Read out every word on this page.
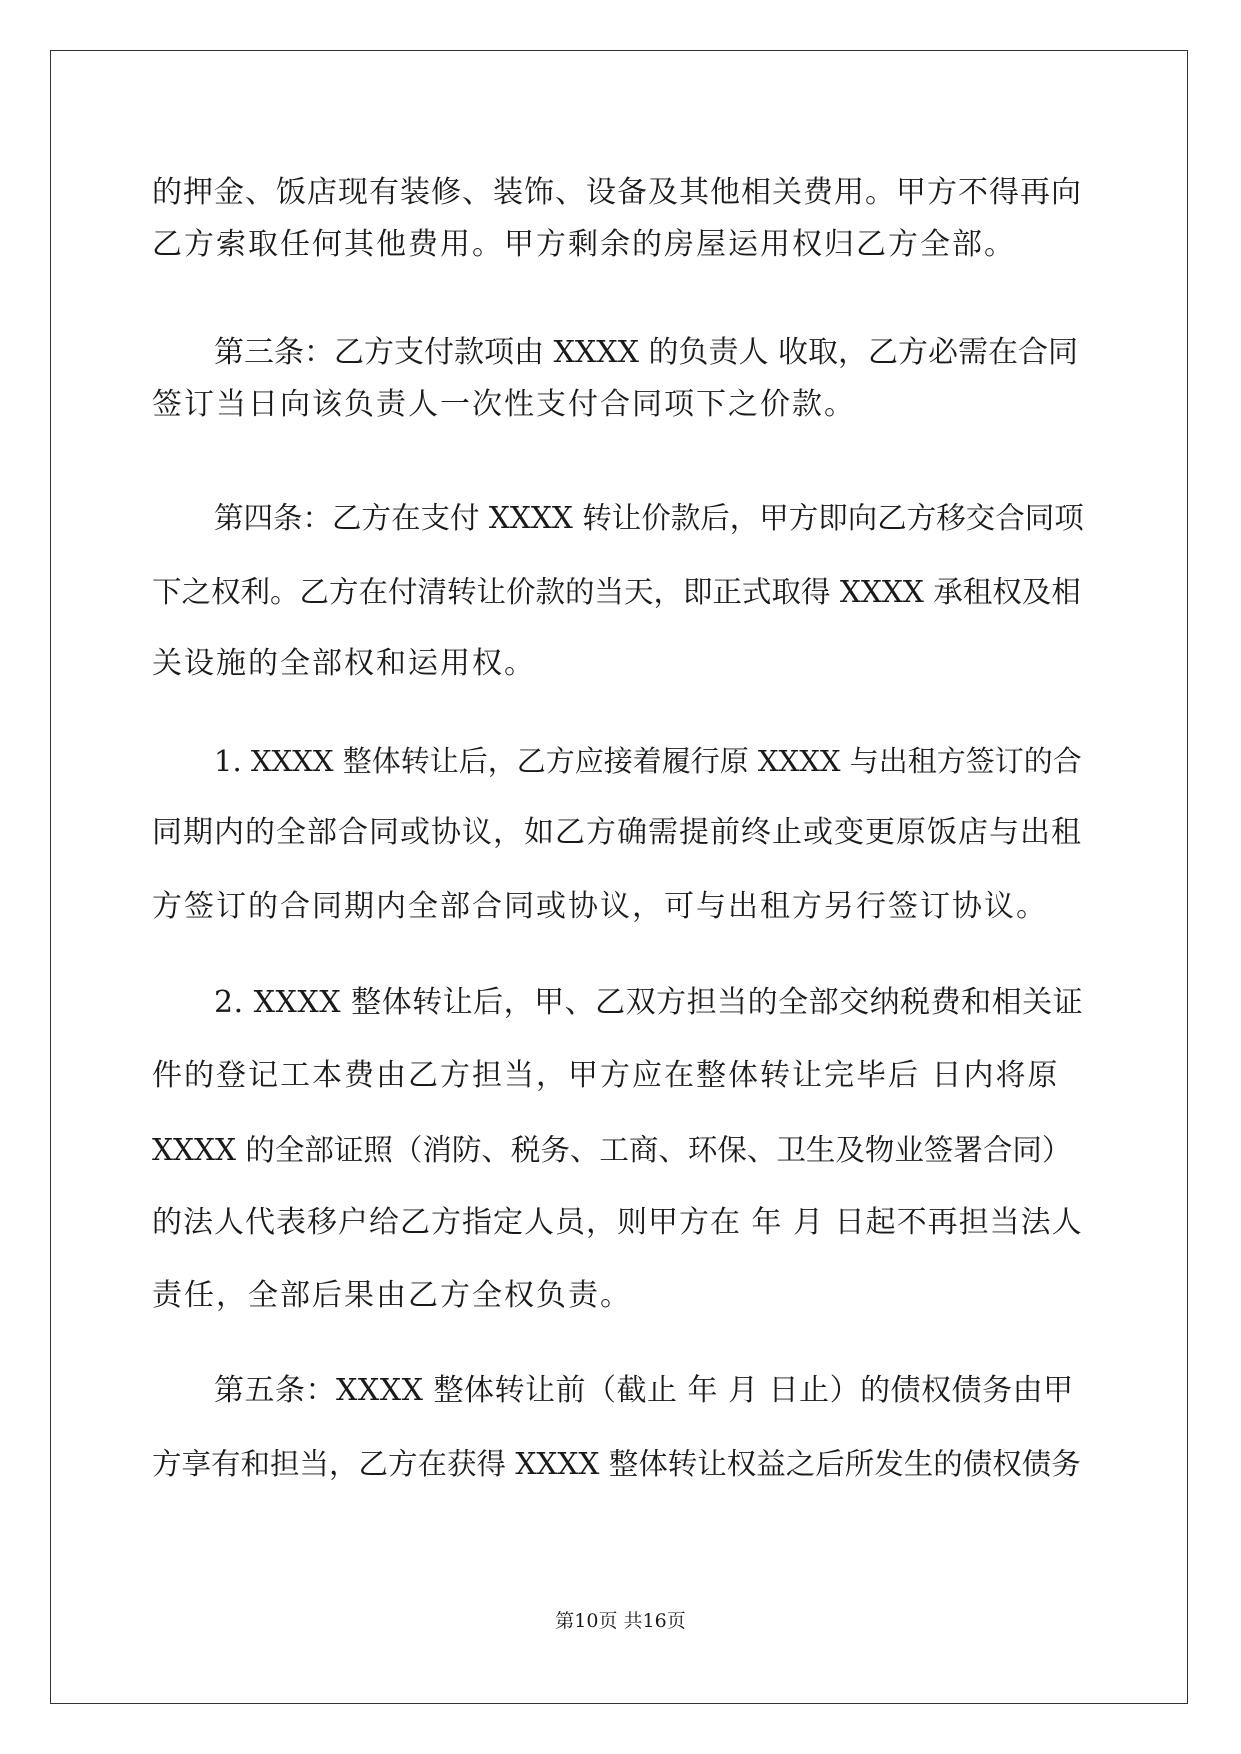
的押金、饭店现有装修、装饰、设备及其他相关费用。甲方不得再向
乙方索取任何其他费用。甲方剩余的房屋运用权归乙方全部。
第三条：乙方支付款项由 XXXX 的负责人 收取，乙方必需在合同
签订当日向该负责人一次性支付合同项下之价款。
第四条：乙方在支付 XXXX 转让价款后，甲方即向乙方移交合同项
下之权利。乙方在付清转让价款的当天，即正式取得 XXXX 承租权及相
关设施的全部权和运用权。
1. XXXX 整体转让后，乙方应接着履行原 XXXX 与出租方签订的合
同期内的全部合同或协议，如乙方确需提前终止或变更原饭店与出租
方签订的合同期内全部合同或协议，可与出租方另行签订协议。
2. XXXX 整体转让后，甲、乙双方担当的全部交纳税费和相关证
件的登记工本费由乙方担当，甲方应在整体转让完毕后 日内将原
XXXX 的全部证照（消防、税务、工商、环保、卫生及物业签署合同）
的法人代表移户给乙方指定人员，则甲方在 年 月 日起不再担当法人
责任，全部后果由乙方全权负责。
第五条：XXXX 整体转让前（截止 年 月 日止）的债权债务由甲
方享有和担当，乙方在获得 XXXX 整体转让权益之后所发生的债权债务
第10页 共16页
